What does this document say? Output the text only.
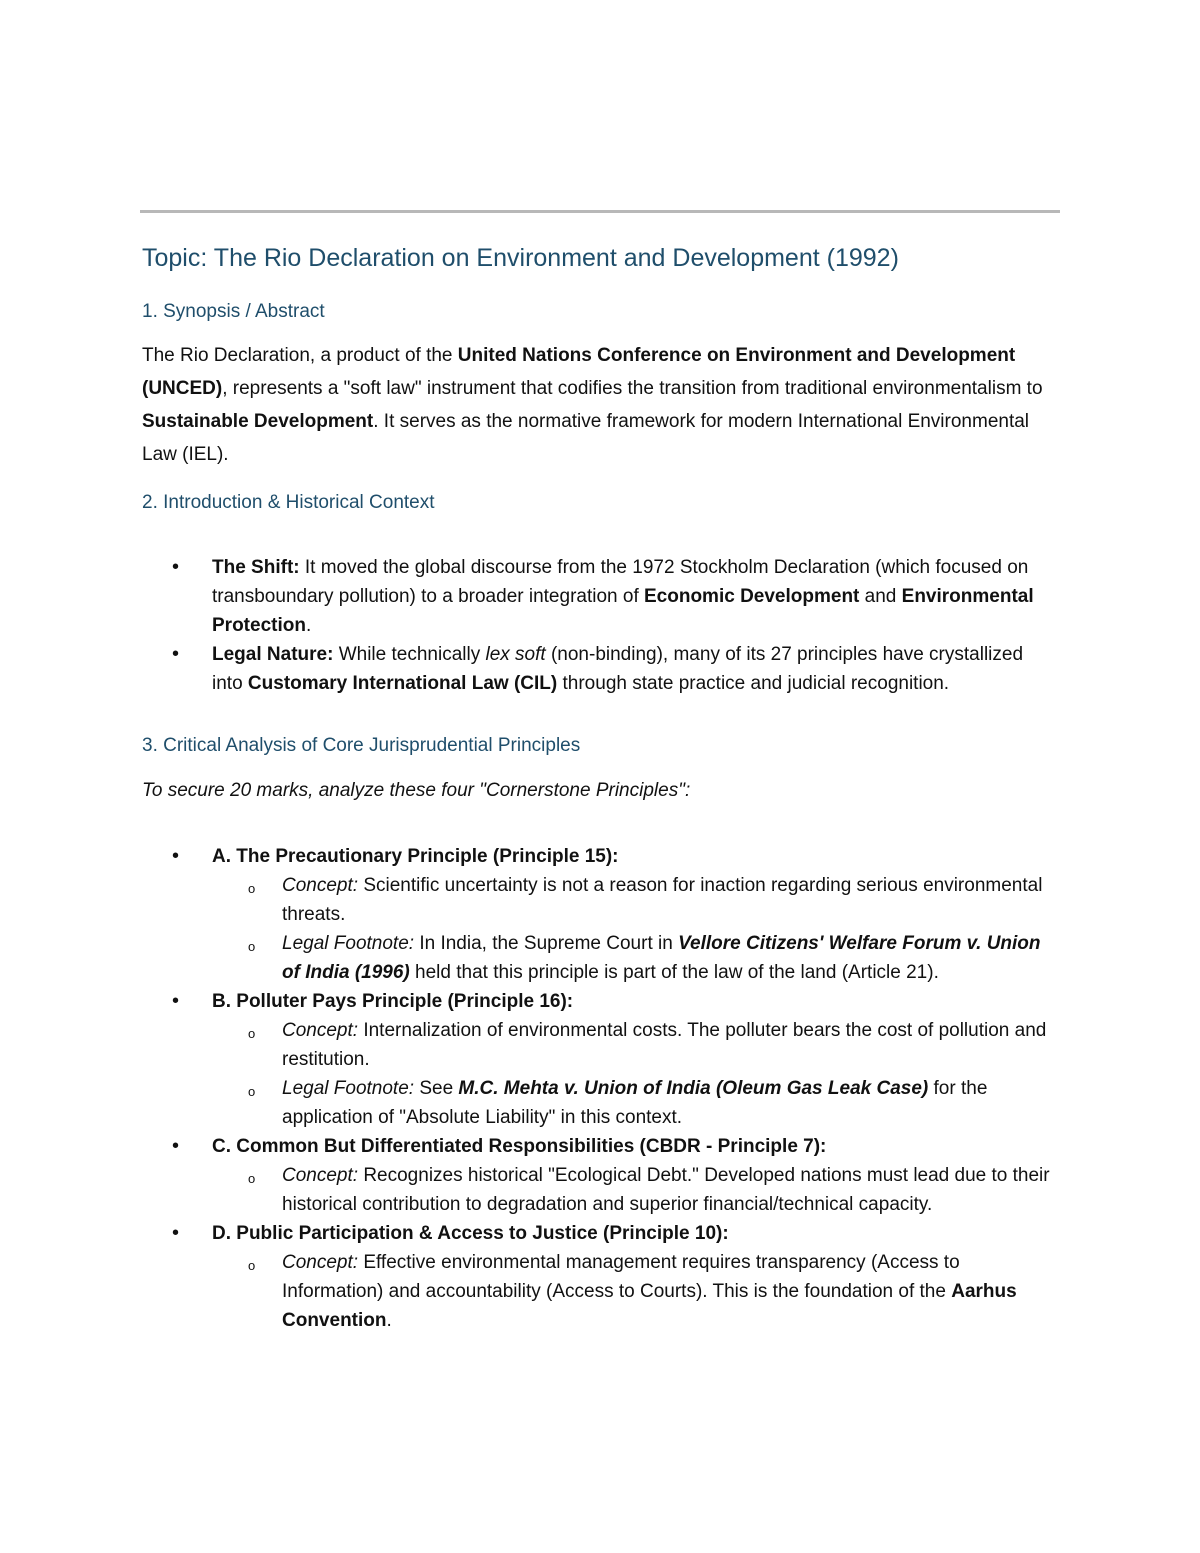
Topic: The Rio Declaration on Environment and Development (1992)
1. Synopsis / Abstract

The Rio Declaration, a product of the United Nations Conference on Environment and Development (UNCED), represents a "soft law" instrument that codifies the transition from traditional environmentalism to Sustainable Development. It serves as the normative framework for modern International Environmental Law (IEL).

2. Introduction & Historical Context
• The Shift: It moved the global discourse from the 1972 Stockholm Declaration (which focused on transboundary pollution) to a broader integration of Economic Development and Environmental Protection.
• Legal Nature: While technically lex soft (non-binding), many of its 27 principles have crystallized into Customary International Law (CIL) through state practice and judicial recognition.
3. Critical Analysis of Core Jurisprudential Principles

To secure 20 marks, analyze these four "Cornerstone Principles":

• A. The Precautionary Principle (Principle 15):
o Concept: Scientific uncertainty is not a reason for inaction regarding serious environmental threats.
o Legal Footnote: In India, the Supreme Court in Vellore Citizens' Welfare Forum v. Union of India (1996) held that this principle is part of the law of the land (Article 21).
• B. Polluter Pays Principle (Principle 16):
o Concept: Internalization of environmental costs. The polluter bears the cost of pollution and restitution.
o Legal Footnote: See M.C. Mehta v. Union of India (Oleum Gas Leak Case) for the application of "Absolute Liability" in this context.
• C. Common But Differentiated Responsibilities (CBDR - Principle 7):
o Concept: Recognizes historical "Ecological Debt." Developed nations must lead due to their historical contribution to degradation and superior financial/technical capacity.
• D. Public Participation & Access to Justice (Principle 10):
o Concept: Effective environmental management requires transparency (Access to Information) and accountability (Access to Courts). This is the foundation of the Aarhus Convention.
